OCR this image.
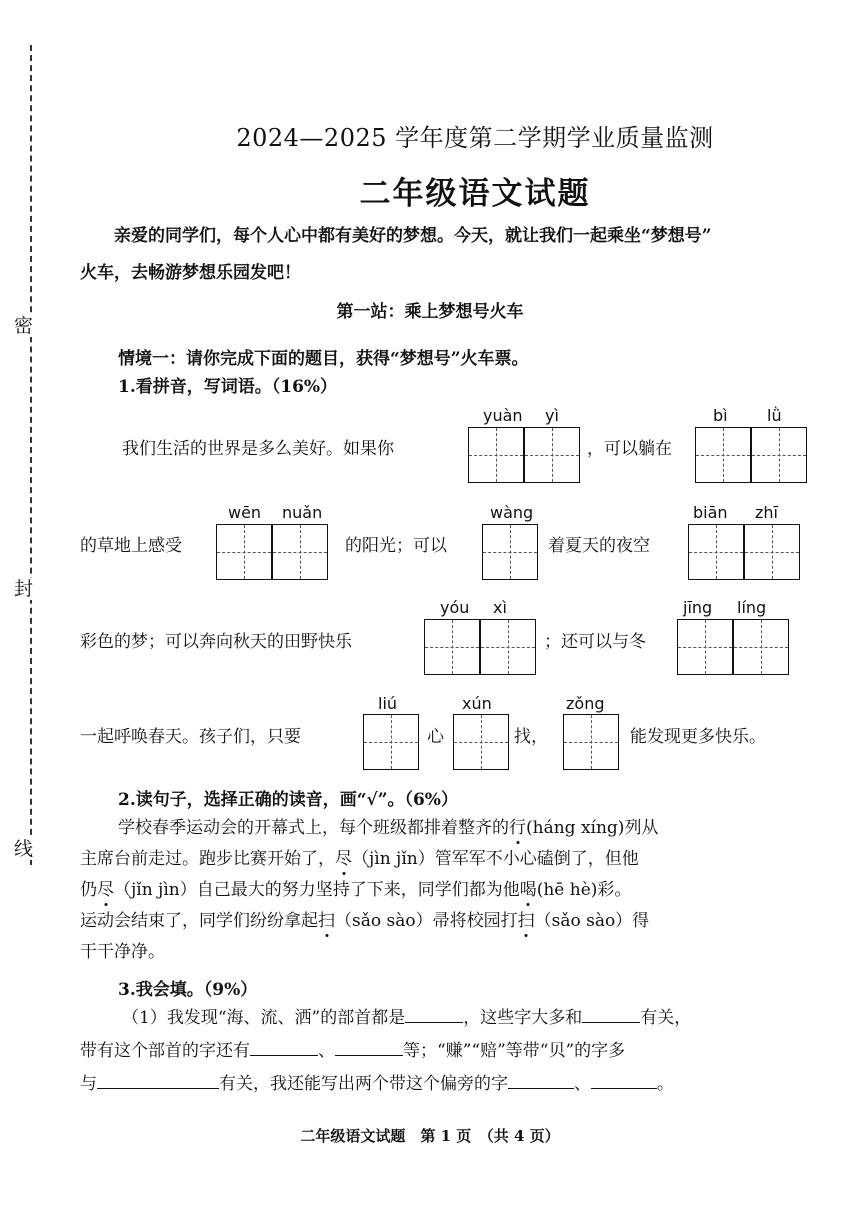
密
封
线
2024—2025 学年度第二学期学业质量监测
二年级语文试题
亲爱的同学们，每个人心中都有美好的梦想。今天，就让我们一起乘坐“梦想号”
火车，去畅游梦想乐园发吧！
第一站：乘上梦想号火车
情境一：请你完成下面的题目，获得“梦想号”火车票。
1.看拼音，写词语。（16%）
yuàn yì	bì lǜ
我们生活的世界是多么美好。如果你	，可以躺在
wēn nuǎn	wàng	biān zhī
的草地上感受	的阳光；可以	着夏天的夜空
yóu xì	jīng líng
彩色的梦；可以奔向秋天的田野快乐	；还可以与冬
liú	xún	zǒng
一起呼唤春天。孩子们，只要	心	找，	能发现更多快乐。
2.读句子，选择正确的读音，画“√”。（6%）
学校春季运动会的开幕式上，每个班级都排着整齐的行(háng xíng)列从
主席台前走过。跑步比赛开始了，尽（jìn jǐn）管军军不小心磕倒了，但他
仍尽（jǐn jìn）自己最大的努力坚持了下来，同学们都为他喝(hē hè)彩。
运动会结束了，同学们纷纷拿起扫（sǎo sào）帚将校园打扫（sǎo sào）得
干干净净。
3.我会填。（9%）
（1）我发现“海、流、洒”的部首都是	，这些字大多和	有关，
带有这个部首的字还有	、	等；“赚”“赔”等带“贝”的字多
与	有关，我还能写出两个带这个偏旁的字	、	。
二年级语文试题　第 1 页　（共 4 页）
